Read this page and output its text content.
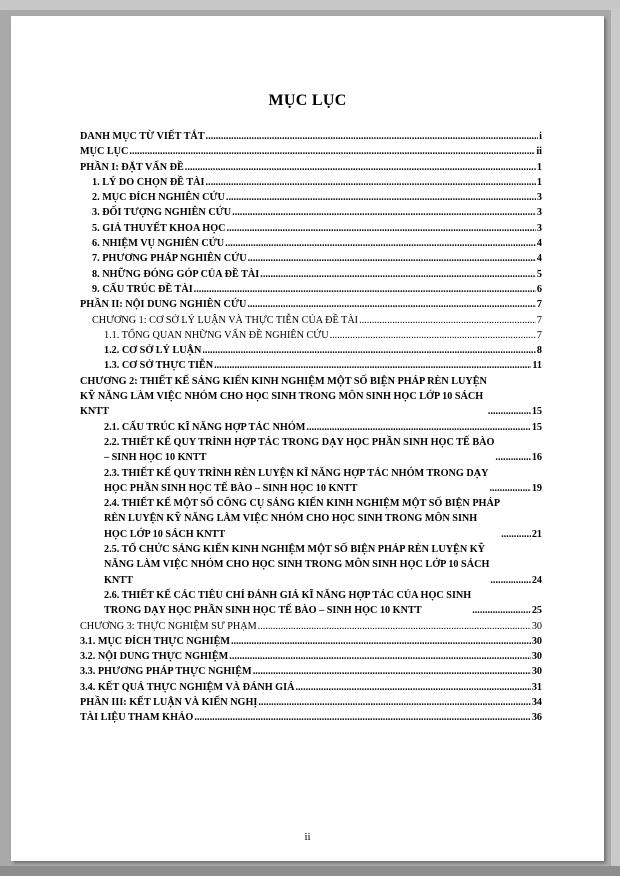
MỤC LỤC
DANH MỤC TỪ VIẾT TẮT .....	i
MỤC LỤC .....	ii
PHẦN I: ĐẶT VẤN ĐỀ .....	1
1. LÝ DO CHỌN ĐỀ TÀI .....	1
2. MỤC ĐÍCH NGHIÊN CỨU .....	3
3. ĐỐI TƯỢNG NGHIÊN CỨU .....	3
5. GIẢ THUYẾT KHOA HỌC .....	3
6. NHIỆM VỤ NGHIÊN CỨU .....	4
7. PHƯƠNG PHÁP NGHIÊN CỨU .....	4
8. NHỮNG ĐÓNG GÓP CỦA ĐỀ TÀI .....	5
9. CẤU TRÚC ĐỀ TÀI .....	6
PHẦN II: NỘI DUNG NGHIÊN CỨU .....	7
CHƯƠNG 1: CƠ SỞ LÝ LUẬN VÀ THỰC TIỄN CỦA ĐỀ TÀI .....	7
1.1. TỔNG QUAN NHỮNG VẤN ĐỀ NGHIÊN CỨU .....	7
1.2. CƠ SỞ LÝ LUẬN .....	8
1.3. CƠ SỞ THỰC TIỄN .....	11
CHƯƠNG 2: THIẾT KẾ SÁNG KIẾN KINH NGHIỆM MỘT SỐ BIỆN PHÁP RÈN LUYỆN
KỸ NĂNG LÀM VIỆC NHÓM CHO HỌC SINH TRONG MÔN SINH HỌC LỚP 10 SÁCH
KNTT .....	15
2.1. CẤU TRÚC KĨ NĂNG HỢP TÁC NHÓM .....	15
2.2. THIẾT KẾ QUY TRÌNH HỢP TÁC TRONG DẠY HỌC PHẦN SINH HỌC TẾ BÀO
– SINH HỌC 10 KNTT .....	16
2.3. THIẾT KẾ QUY TRÌNH RÈN LUYỆN KĨ NĂNG HỢP TÁC NHÓM TRONG DẠY
HỌC PHẦN SINH HỌC TẾ BÀO – SINH HỌC 10 KNTT .....	19
2.4. THIẾT KẾ MỘT SỐ CÔNG CỤ SÁNG KIẾN KINH NGHIỆM MỘT SỐ BIỆN PHÁP
RÈN LUYỆN KỸ NĂNG LÀM VIỆC NHÓM CHO HỌC SINH TRONG MÔN SINH
HỌC LỚP 10 SÁCH KNTT .....	21
2.5. TỔ CHỨC SÁNG KIẾN KINH NGHIỆM MỘT SỐ BIỆN PHÁP RÈN LUYỆN KỸ
NĂNG LÀM VIỆC NHÓM CHO HỌC SINH TRONG MÔN SINH HỌC LỚP 10 SÁCH
KNTT .....	24
2.6. THIẾT KẾ CÁC TIÊU CHÍ ĐÁNH GIÁ KĨ NĂNG HỢP TÁC CỦA HỌC SINH
TRONG DẠY HỌC PHẦN SINH HỌC TẾ BÀO – SINH HỌC 10 KNTT .....	25
CHƯƠNG 3: THỰC NGHIỆM SƯ PHẠM .....	30
3.1. MỤC ĐÍCH THỰC NGHIỆM .....	30
3.2. NỘI DUNG THỰC NGHIỆM .....	30
3.3. PHƯƠNG PHÁP THỰC NGHIỆM .....	30
3.4. KẾT QUẢ THỰC NGHIỆM VÀ ĐÁNH GIÁ .....	31
PHẦN III: KẾT LUẬN VÀ KIẾN NGHỊ .....	34
TÀI LIỆU THAM KHẢO .....	36
ii
